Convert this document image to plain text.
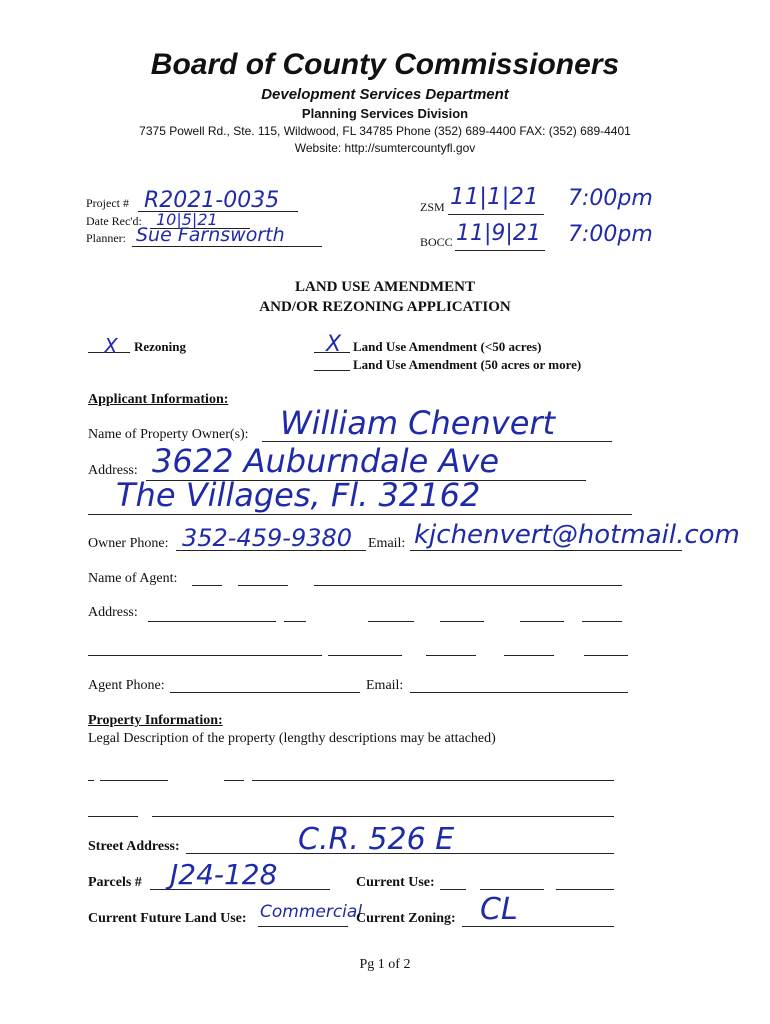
Board of County Commissioners
Development Services Department
Planning Services Division
7375 Powell Rd., Ste. 115, Wildwood, FL 34785 Phone (352) 689-4400 FAX: (352) 689-4401
Website: http://sumtercountyfl.gov
Project # R2021-0035
Date Rec'd: 10|5|21
Planner: Sue Farnsworth
ZSM 11|1|21 7:00pm
BOCC 11|9|21 7:00pm
LAND USE AMENDMENT
AND/OR REZONING APPLICATION
X Rezoning	X Land Use Amendment (<50 acres)
Land Use Amendment (50 acres or more)
Applicant Information:
Name of Property Owner(s): William Chenvert
Address: 3622 Auburndale Ave
The Villages, Fl. 32162
Owner Phone: 352-459-9380 Email: kjchenvert@hotmail.com
Name of Agent:
Address:
Agent Phone:	Email:
Property Information:
Legal Description of the property (lengthy descriptions may be attached)
Street Address:	C.R. 526 E
Parcels # J24-128	Current Use:
Current Future Land Use: Commercial
Current Zoning: CL
Pg 1 of 2
